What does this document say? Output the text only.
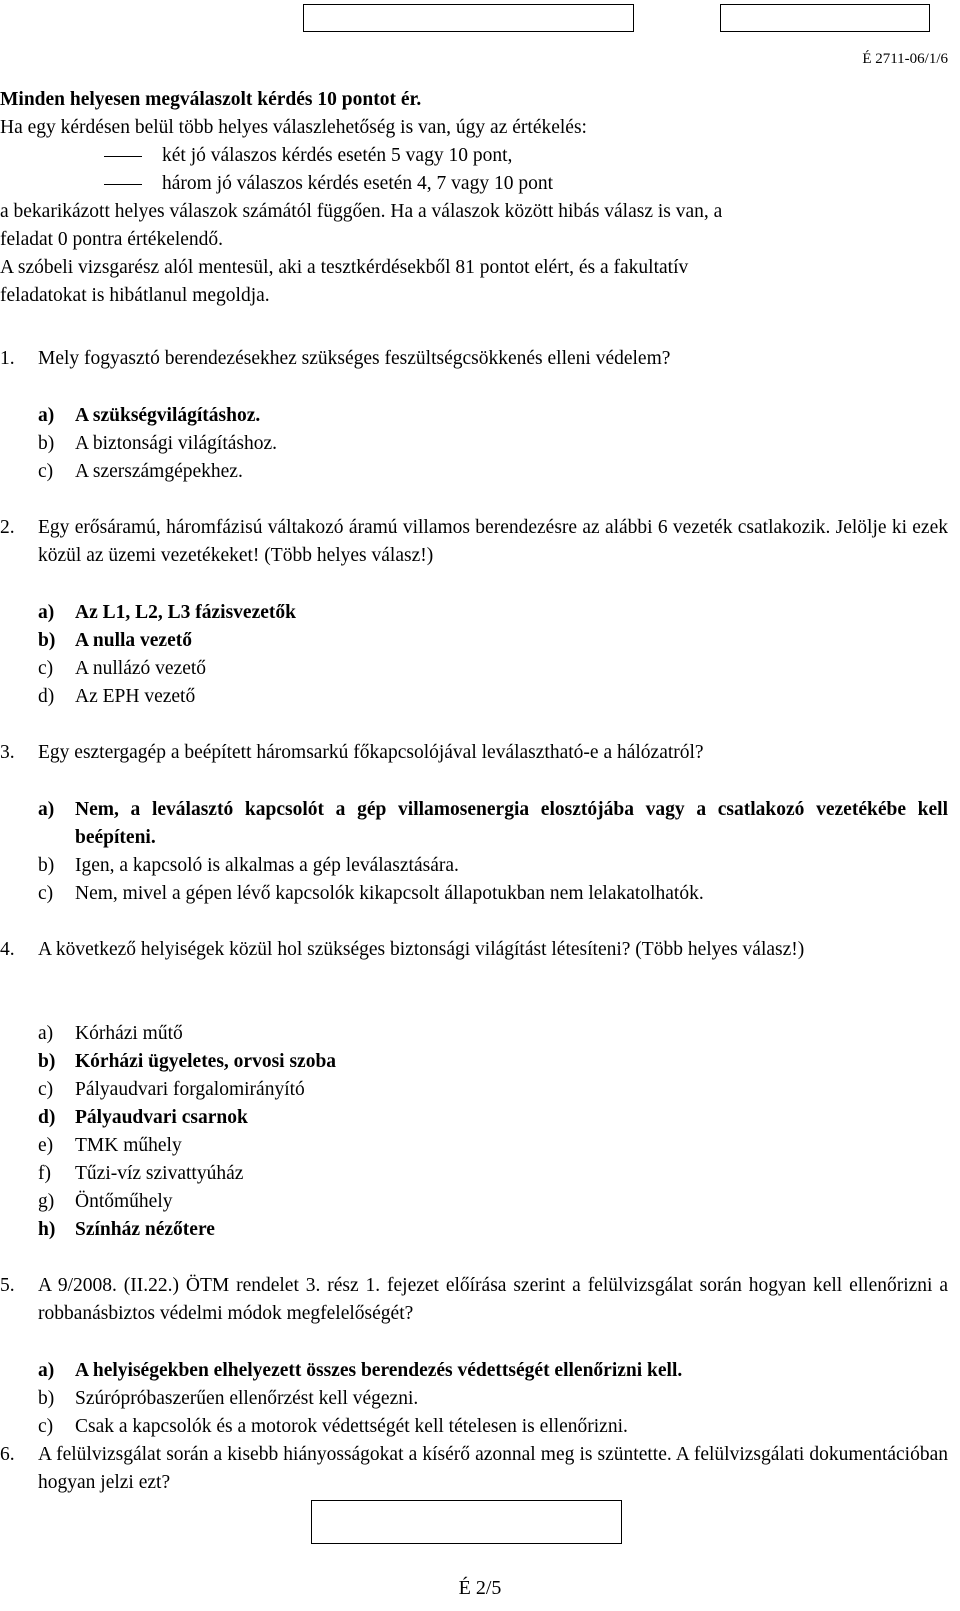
É 2711-06/1/6

Minden helyesen megválaszolt kérdés 10 pontot ér.

Ha egy kérdésen belül több helyes válaszlehetőség is van, úgy az értékelés:

két jó válaszos kérdés esetén 5 vagy 10 pont,

három jó válaszos kérdés esetén 4, 7 vagy 10 pont

a bekarikázott helyes válaszok számától függően. Ha a válaszok között hibás válasz is van, a

feladat 0 pontra értékelendő.

A szóbeli vizsgarész alól mentesül, aki a tesztkérdésekből 81 pontot elért, és a fakultatív

feladatokat is hibátlanul megoldja.

1. Mely fogyasztó berendezésekhez szükséges feszültségcsökkenés elleni védelem?
a) A szükségvilágításhoz.
b) A biztonsági világításhoz.
c) A szerszámgépekhez.
2. Egy erősáramú, háromfázisú váltakozó áramú villamos berendezésre az alábbi 6 vezeték csatlakozik. Jelölje ki ezek közül az üzemi vezetékeket! (Több helyes válasz!)
a) Az L1, L2, L3 fázisvezetők
b) A nulla vezető
c) A nullázó vezető
d) Az EPH vezető
3. Egy esztergagép a beépített háromsarkú főkapcsolójával leválasztható-e a hálózatról?
a) Nem, a leválasztó kapcsolót a gép villamosenergia elosztójába vagy a csatlakozó vezetékébe kell beépíteni.
b) Igen, a kapcsoló is alkalmas a gép leválasztására.
c) Nem, mivel a gépen lévő kapcsolók kikapcsolt állapotukban nem lelakatolhatók.
4. A következő helyiségek közül hol szükséges biztonsági világítást létesíteni? (Több helyes válasz!)
a) Kórházi műtő
b) Kórházi ügyeletes, orvosi szoba
c) Pályaudvari forgalomirányító
d) Pályaudvari csarnok
e) TMK műhely
f) Tűzi-víz szivattyúház
g) Öntőműhely
h) Színház nézőtere
5. A 9/2008. (II.22.) ÖTM rendelet 3. rész 1. fejezet előírása szerint a felülvizsgálat során hogyan kell ellenőrizni a robbanásbiztos védelmi módok megfelelőségét?
a) A helyiségekben elhelyezett összes berendezés védettségét ellenőrizni kell.
b) Szúrópróbaszerűen ellenőrzést kell végezni.
c) Csak a kapcsolók és a motorok védettségét kell tételesen is ellenőrizni.
6. A felülvizsgálat során a kisebb hiányosságokat a kísérő azonnal meg is szüntette. A felülvizsgálati dokumentációban hogyan jelzi ezt?
É 2/5
